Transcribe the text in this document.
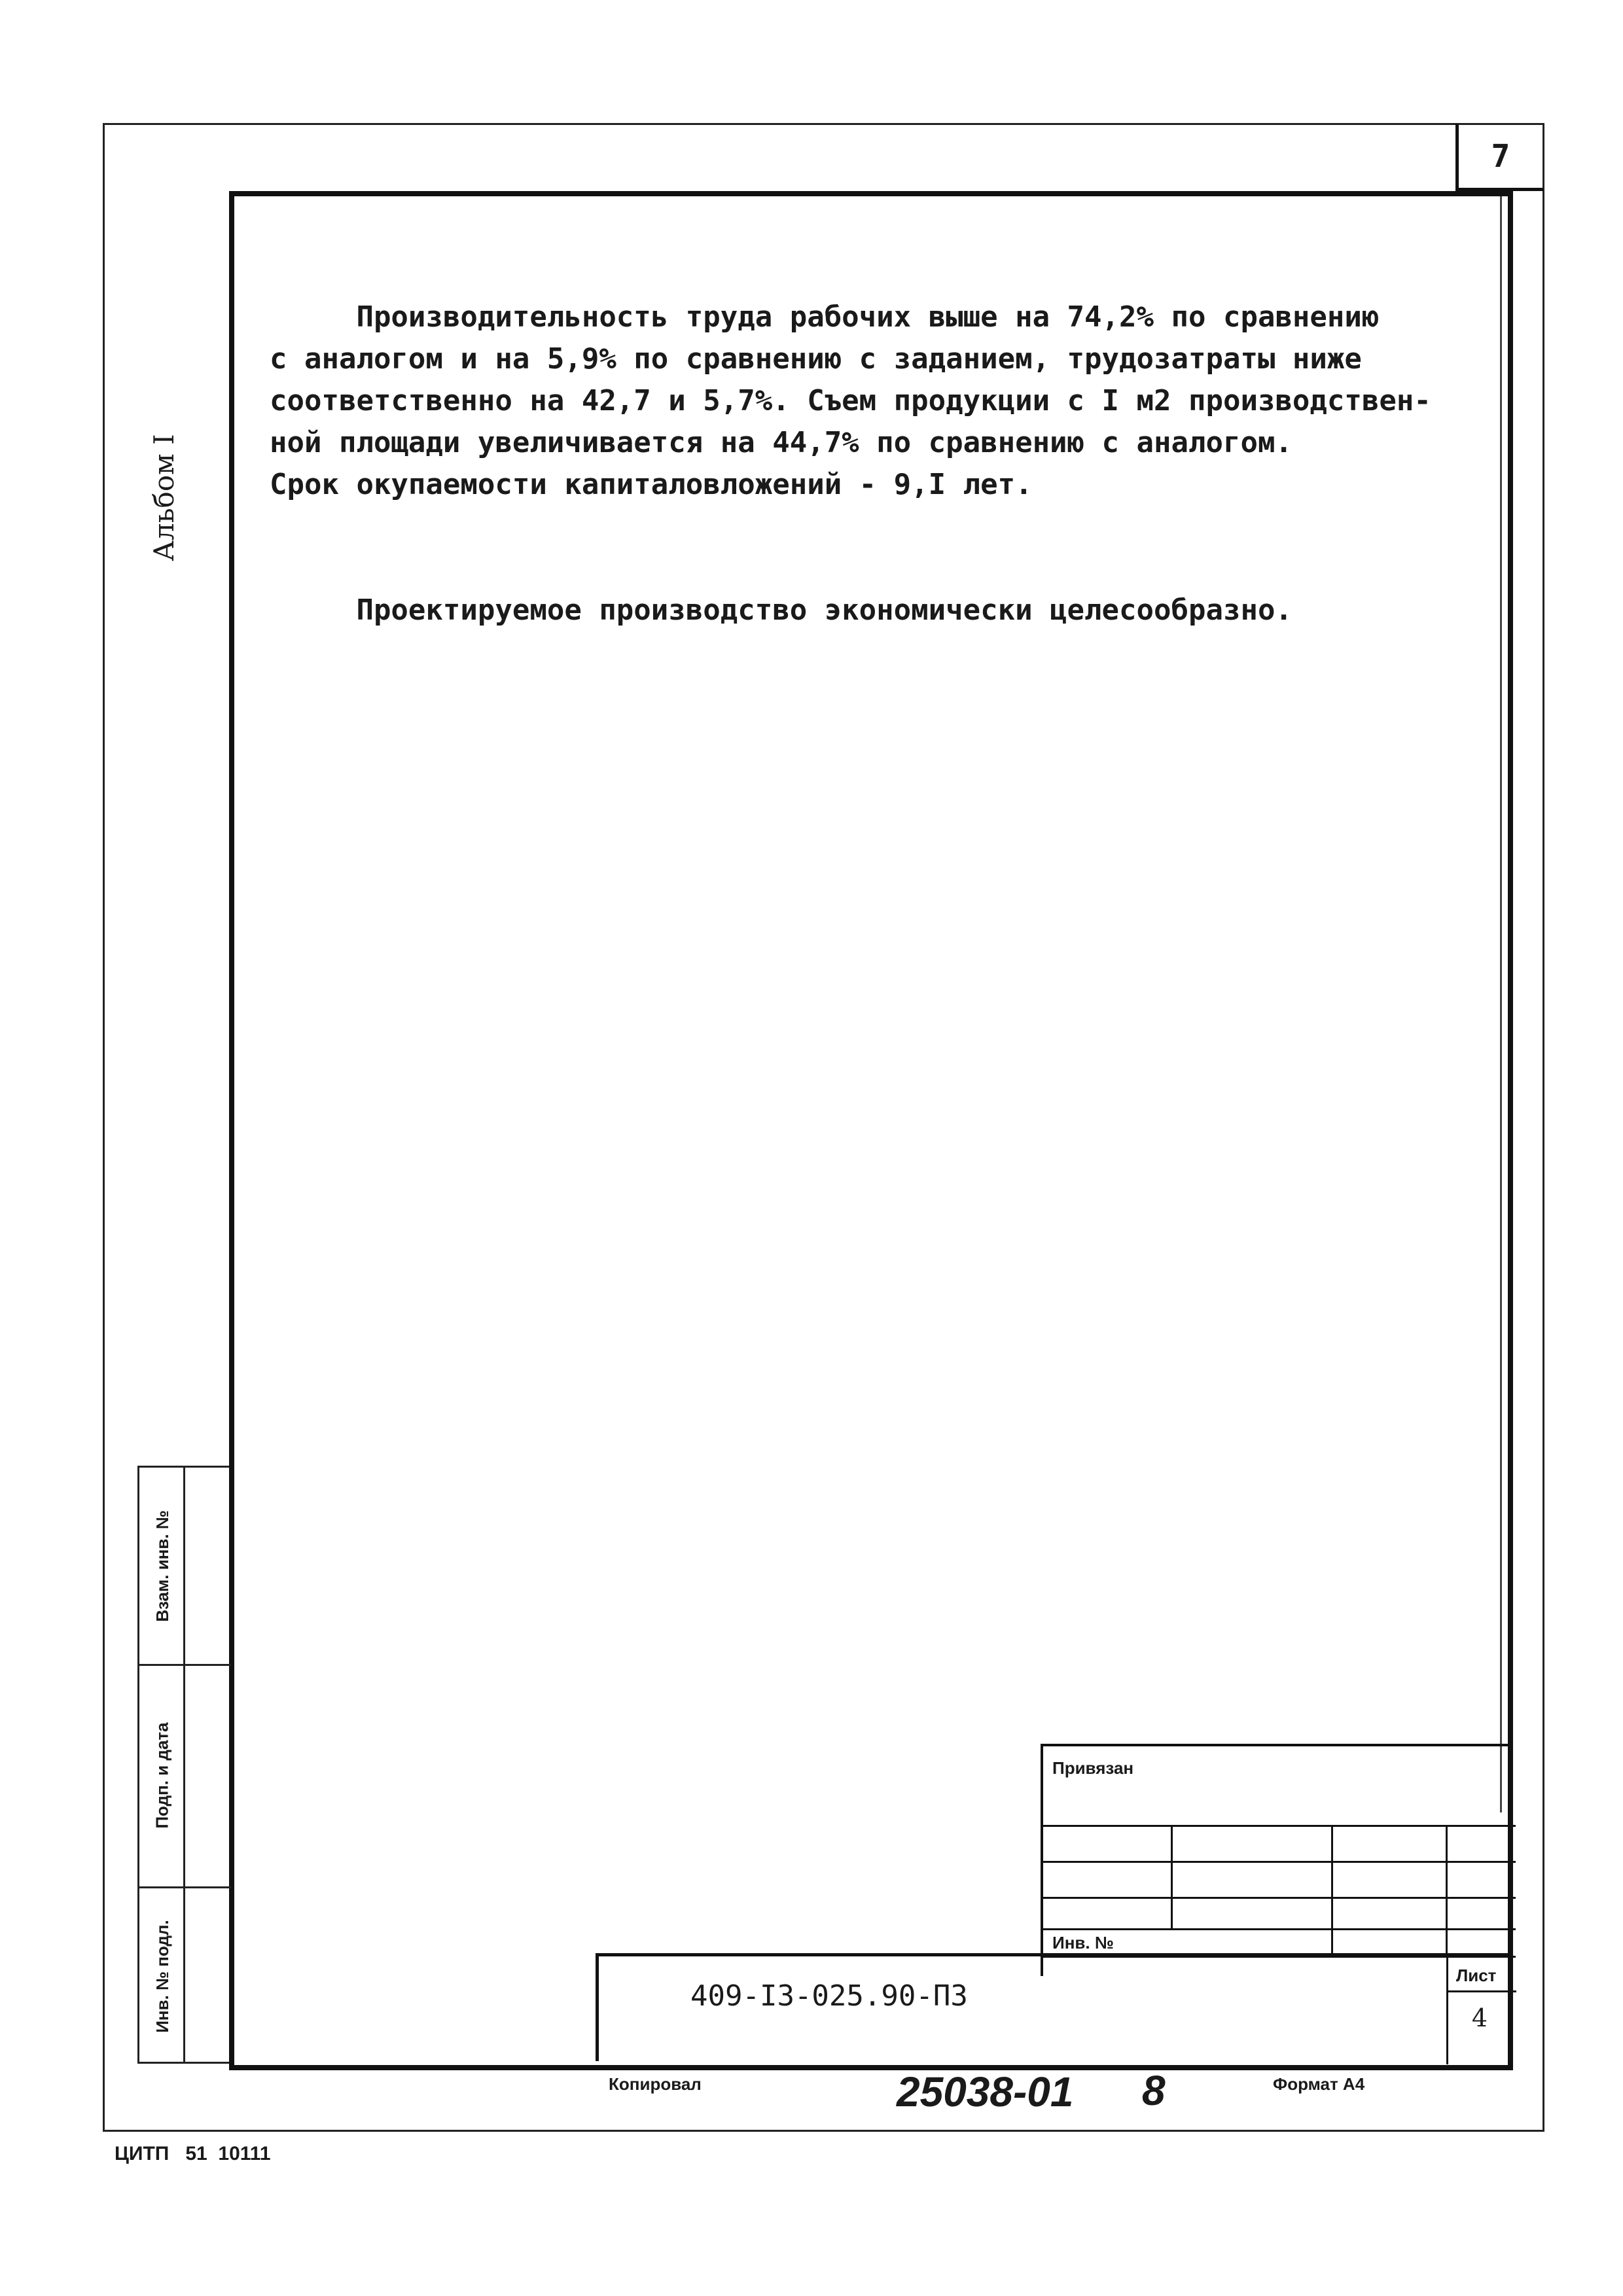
7
Альбом I

Производительность труда рабочих выше на 74,2% по сравнению
с аналогом и на 5,9% по сравнению с заданием, трудозатраты ниже
соответственно на 42,7 и 5,7%. Съем продукции с I м2 производствен-
ной площади увеличивается на 44,7% по сравнению с аналогом.
Срок окупаемости капиталовложений - 9,I лет.

Проектируемое производство экономически целесообразно.

Взам. инв. №
Подп. и дата
Инв. № подл.
Привязан
Инв. №
Лист
409-I3-025.90-ПЗ
4
Копировал	25038-01 8	Формат А4
ЦИТП   51  10111
